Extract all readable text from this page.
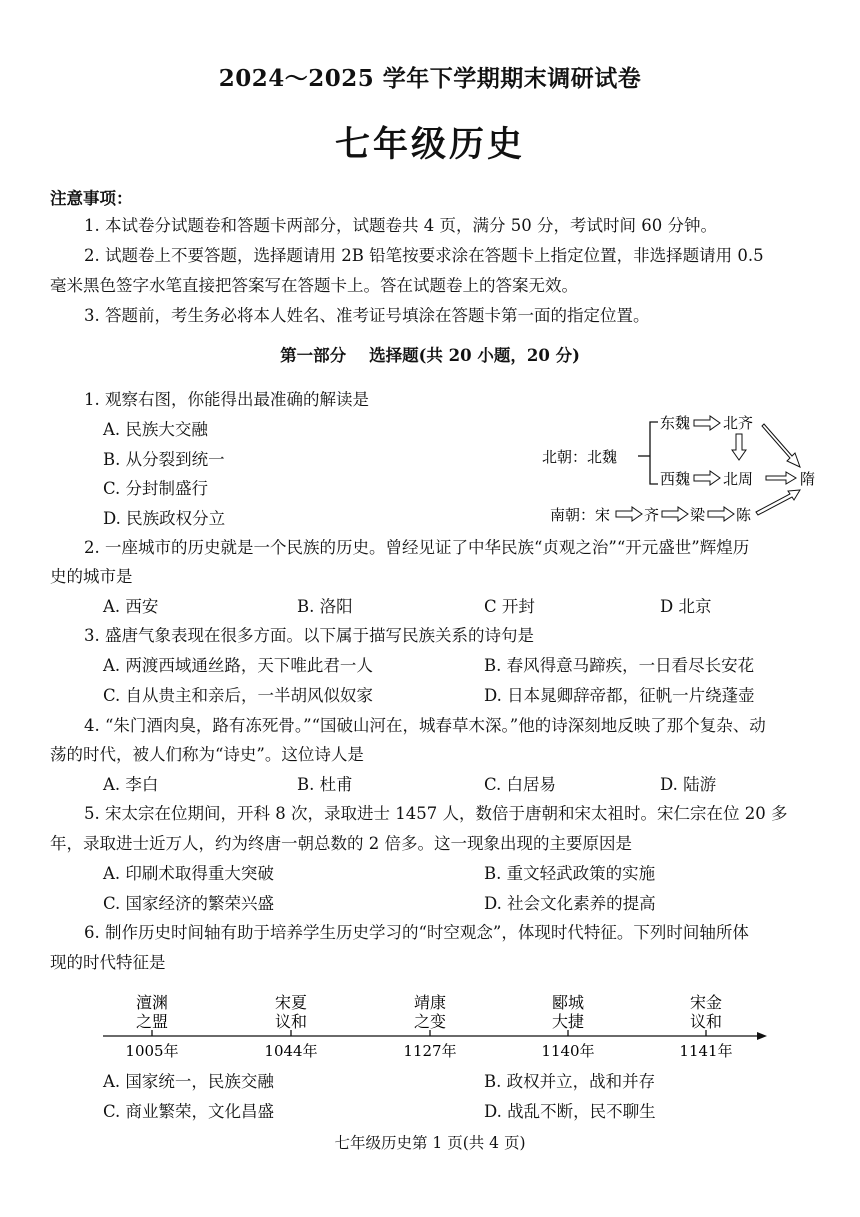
2024～2025 学年下学期期末调研试卷
七年级历史
注意事项：
1. 本试卷分试题卷和答题卡两部分，试题卷共 4 页，满分 50 分，考试时间 60 分钟。
2. 试题卷上不要答题，选择题请用 2B 铅笔按要求涂在答题卡上指定位置，非选择题请用 0.5
毫米黑色签字水笔直接把答案写在答题卡上。答在试题卷上的答案无效。
3. 答题前，考生务必将本人姓名、准考证号填涂在答题卡第一面的指定位置。
第一部分    选择题(共 20 小题，20 分)
1. 观察右图，你能得出最准确的解读是
A. 民族大交融
B. 从分裂到统一
C. 分封制盛行
D. 民族政权分立
北朝：北魏
东魏 北齐
西魏 北周	隋
南朝：宋 齐 梁 陈
2. 一座城市的历史就是一个民族的历史。曾经见证了中华民族“贞观之治”“开元盛世”辉煌历
史的城市是
A. 西安	B. 洛阳	C 开封	D 北京
3. 盛唐气象表现在很多方面。以下属于描写民族关系的诗句是
A. 两渡西域通丝路，天下唯此君一人	B. 春风得意马蹄疾，一日看尽长安花
C. 自从贵主和亲后，一半胡风似奴家	D. 日本晁卿辞帝都，征帆一片绕蓬壶
4. “朱门酒肉臭，路有冻死骨。”“国破山河在，城春草木深。”他的诗深刻地反映了那个复杂、动
荡的时代，被人们称为“诗史”。这位诗人是
A. 李白	B. 杜甫	C. 白居易	D. 陆游
5. 宋太宗在位期间，开科 8 次，录取进士 1457 人，数倍于唐朝和宋太祖时。宋仁宗在位 20 多
年，录取进士近万人，约为终唐一朝总数的 2 倍多。这一现象出现的主要原因是
A. 印刷术取得重大突破	B. 重文轻武政策的实施
C. 国家经济的繁荣兴盛	D. 社会文化素养的提高
6. 制作历史时间轴有助于培养学生历史学习的“时空观念”，体现时代特征。下列时间轴所体
现的时代特征是
澶渊
之盟
1005年
宋夏
议和
1044年
靖康
之变
1127年
郾城
大捷
1140年
宋金
议和
1141年
A. 国家统一，民族交融	B. 政权并立，战和并存
C. 商业繁荣，文化昌盛	D. 战乱不断，民不聊生
七年级历史第 1 页(共 4 页)
